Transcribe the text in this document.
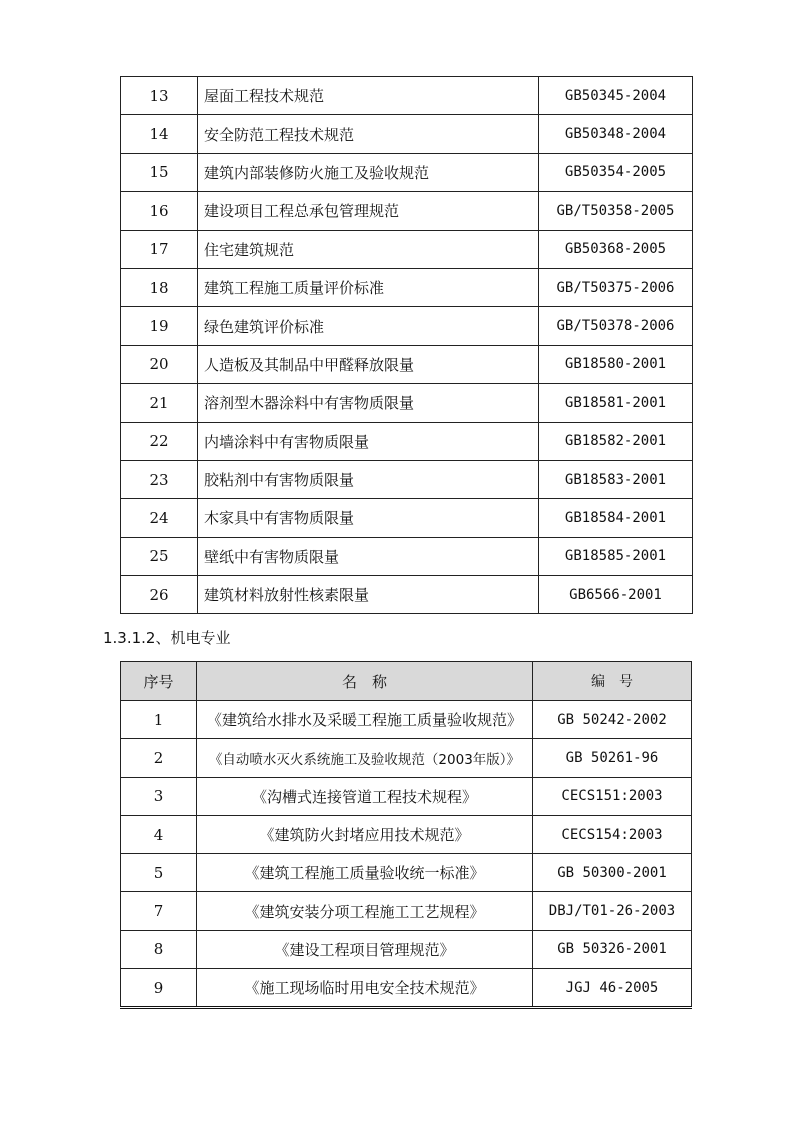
13	屋面工程技术规范	GB50345-2004
14	安全防范工程技术规范	GB50348-2004
15	建筑内部装修防火施工及验收规范	GB50354-2005
16	建设项目工程总承包管理规范	GB/T50358-2005
17	住宅建筑规范	GB50368-2005
18	建筑工程施工质量评价标准	GB/T50375-2006
19	绿色建筑评价标准	GB/T50378-2006
20	人造板及其制品中甲醛释放限量	GB18580-2001
21	溶剂型木器涂料中有害物质限量	GB18581-2001
22	内墙涂料中有害物质限量	GB18582-2001
23	胶粘剂中有害物质限量	GB18583-2001
24	木家具中有害物质限量	GB18584-2001
25	壁纸中有害物质限量	GB18585-2001
26	建筑材料放射性核素限量	GB6566-2001
1.3.1.2、机电专业
序号	名　称	编　号
1	《建筑给水排水及采暖工程施工质量验收规范》	GB 50242-2002
2	《自动喷水灭火系统施工及验收规范（2003年版）》	GB 50261-96
3	《沟槽式连接管道工程技术规程》	CECS151:2003
4	《建筑防火封堵应用技术规范》	CECS154:2003
5	《建筑工程施工质量验收统一标准》	GB 50300-2001
7	《建筑安装分项工程施工工艺规程》	DBJ/T01-26-2003
8	《建设工程项目管理规范》	GB 50326-2001
9	《施工现场临时用电安全技术规范》	JGJ 46-2005
